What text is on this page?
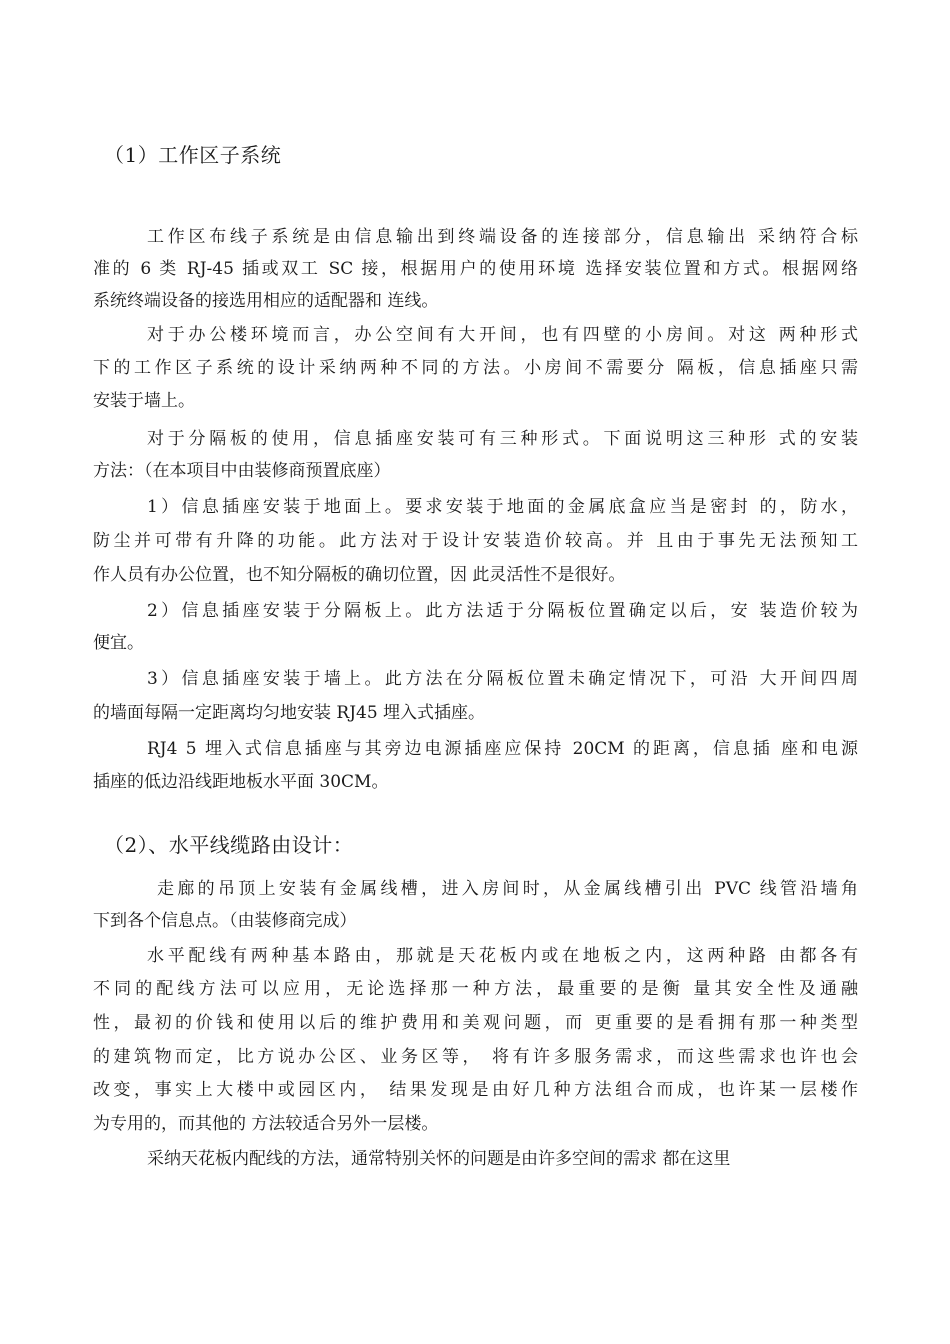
（1）工作区子系统
工作区布线子系统是由信息输出到终端设备的连接部分，信息输出 采纳符合标
准的 6 类 RJ-45 插或双工 SC 接，根据用户的使用环境 选择安装位置和方式。根据网络
系统终端设备的接选用相应的适配器和 连线。
对于办公楼环境而言，办公空间有大开间，也有四壁的小房间。对这 两种形式
下的工作区子系统的设计采纳两种不同的方法。小房间不需要分 隔板，信息插座只需
安装于墙上。
对于分隔板的使用，信息插座安装可有三种形式。下面说明这三种形 式的安装
方法：（在本项目中由装修商预置底座）
1）信息插座安装于地面上。要求安装于地面的金属底盒应当是密封 的，防水，
防尘并可带有升降的功能。此方法对于设计安装造价较高。并 且由于事先无法预知工
作人员有办公位置，也不知分隔板的确切位置，因 此灵活性不是很好。
2）信息插座安装于分隔板上。此方法适于分隔板位置确定以后，安 装造价较为
便宜。
3）信息插座安装于墙上。此方法在分隔板位置未确定情况下，可沿 大开间四周
的墙面每隔一定距离均匀地安装 RJ45 埋入式插座。
RJ4 5 埋入式信息插座与其旁边电源插座应保持 20CM 的距离，信息插 座和电源
插座的低边沿线距地板水平面 30CM。
（2）、水平线缆路由设计：
走廊的吊顶上安装有金属线槽，进入房间时，从金属线槽引出 PVC 线管沿墙角
下到各个信息点。（由装修商完成）
水平配线有两种基本路由，那就是天花板内或在地板之内，这两种路 由都各有
不同的配线方法可以应用，无论选择那一种方法，最重要的是衡 量其安全性及通融
性，最初的价钱和使用以后的维护费用和美观问题，而 更重要的是看拥有那一种类型
的建筑物而定，比方说办公区、业务区等， 将有许多服务需求，而这些需求也许也会
改变，事实上大楼中或园区内， 结果发现是由好几种方法组合而成，也许某一层楼作
为专用的，而其他的 方法较适合另外一层楼。
采纳天花板内配线的方法，通常特别关怀的问题是由许多空间的需求 都在这里
